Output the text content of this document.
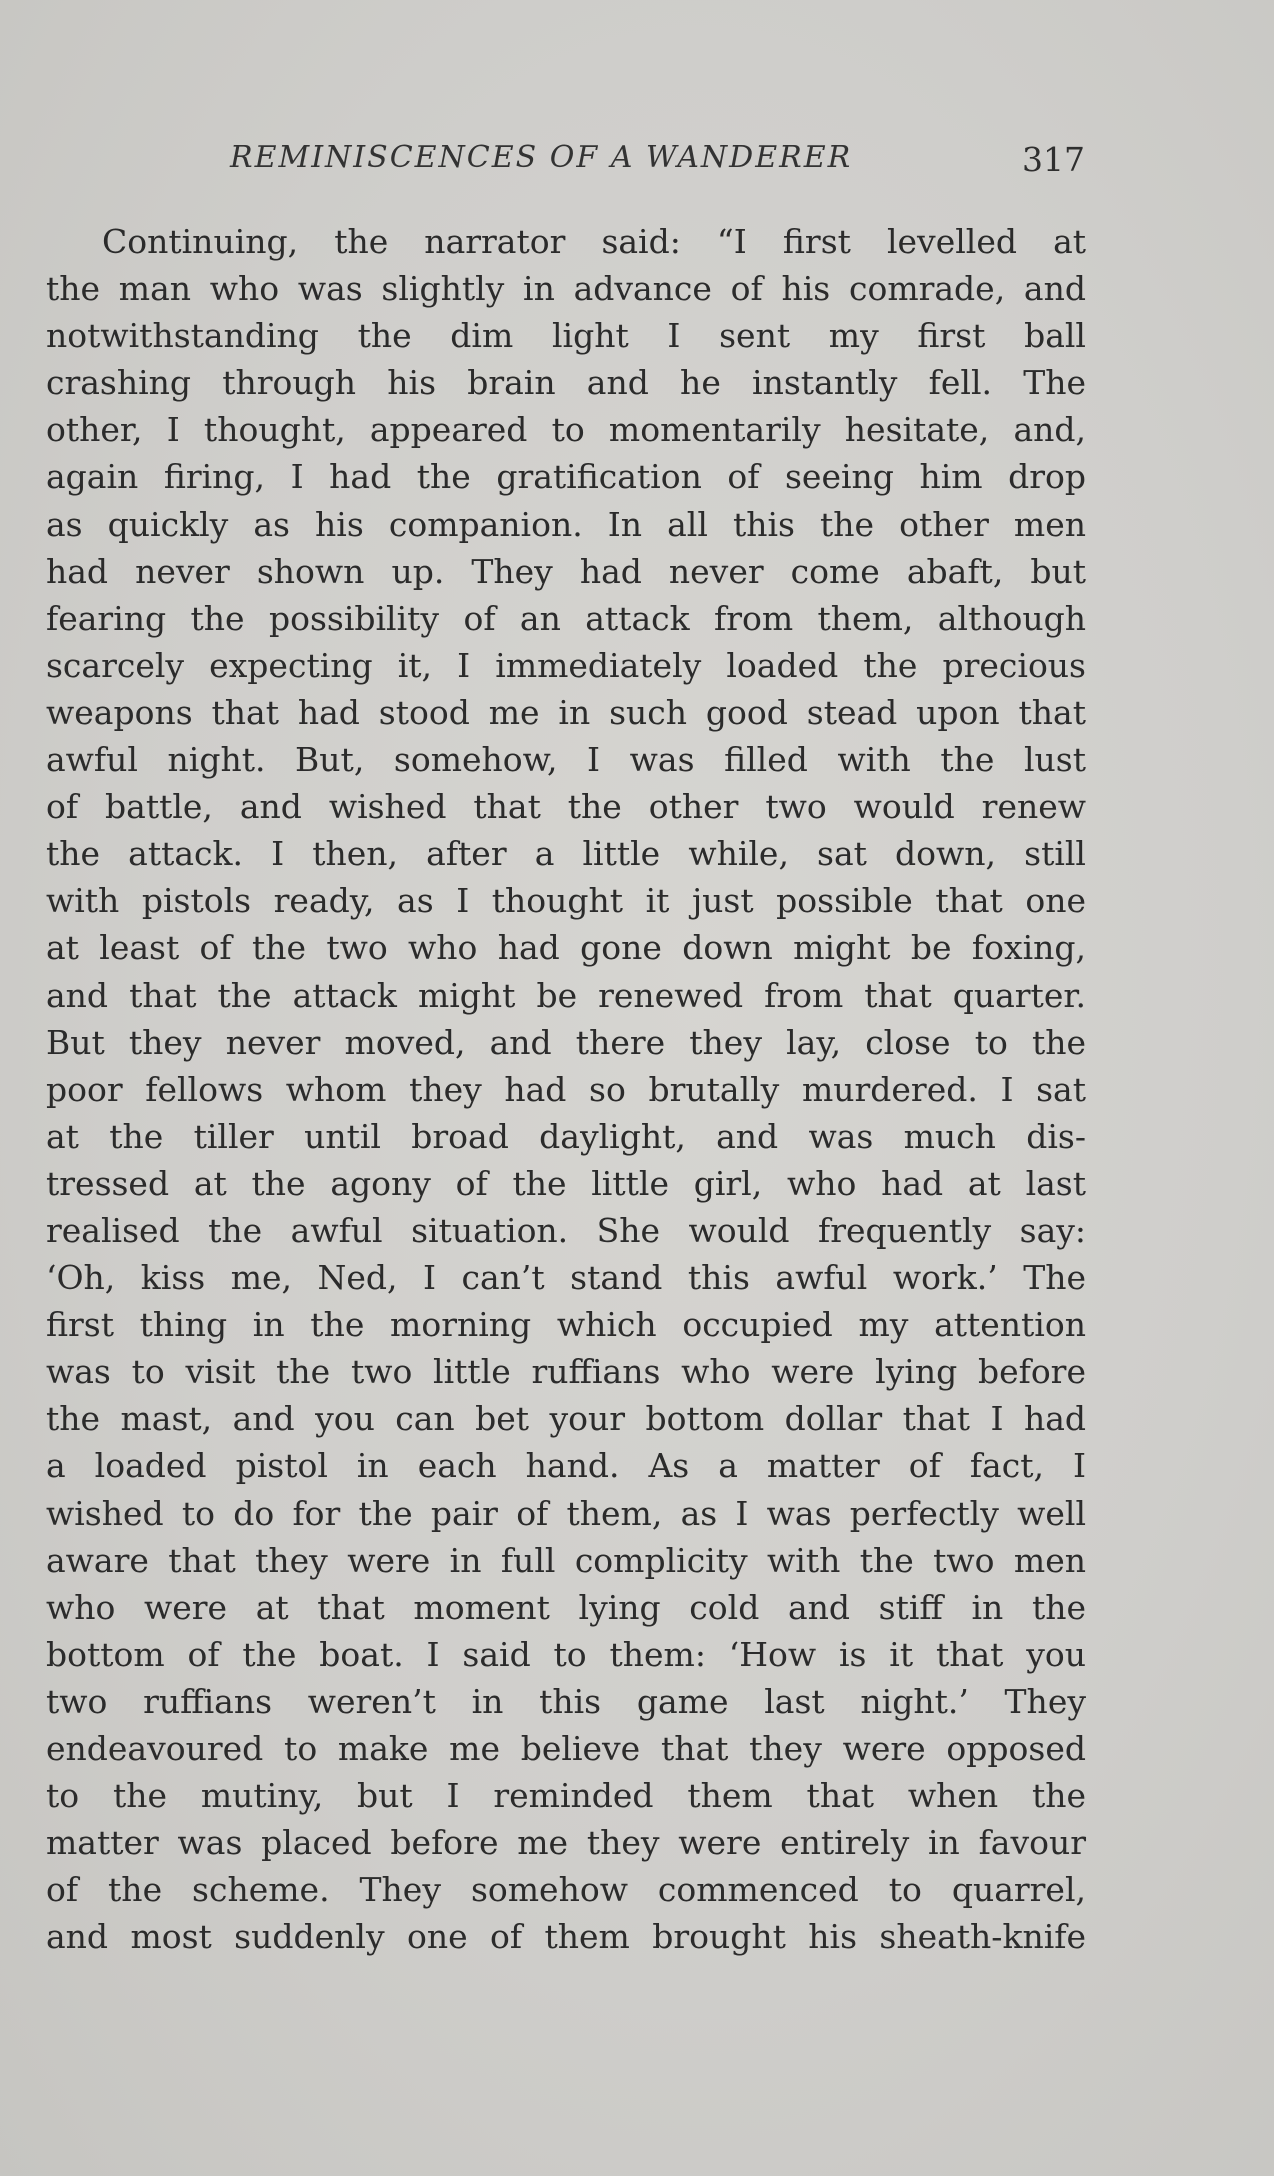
REMINISCENCES OF A WANDERER	317
Continuing, the narrator said: “I first levelled at
the man who was slightly in advance of his comrade, and
notwithstanding the dim light I sent my first ball
crashing through his brain and he instantly fell. The
other, I thought, appeared to momentarily hesitate, and,
again firing, I had the gratification of seeing him drop
as quickly as his companion. In all this the other men
had never shown up. They had never come abaft, but
fearing the possibility of an attack from them, although
scarcely expecting it, I immediately loaded the precious
weapons that had stood me in such good stead upon that
awful night. But, somehow, I was filled with the lust
of battle, and wished that the other two would renew
the attack. I then, after a little while, sat down, still
with pistols ready, as I thought it just possible that one
at least of the two who had gone down might be foxing,
and that the attack might be renewed from that quarter.
But they never moved, and there they lay, close to the
poor fellows whom they had so brutally murdered. I sat
at the tiller until broad daylight, and was much dis-
tressed at the agony of the little girl, who had at last
realised the awful situation. She would frequently say:
‘Oh, kiss me, Ned, I can’t stand this awful work.’ The
first thing in the morning which occupied my attention
was to visit the two little ruffians who were lying before
the mast, and you can bet your bottom dollar that I had
a loaded pistol in each hand. As a matter of fact, I
wished to do for the pair of them, as I was perfectly well
aware that they were in full complicity with the two men
who were at that moment lying cold and stiff in the
bottom of the boat. I said to them: ‘How is it that you
two ruffians weren’t in this game last night.’ They
endeavoured to make me believe that they were opposed
to the mutiny, but I reminded them that when the
matter was placed before me they were entirely in favour
of the scheme. They somehow commenced to quarrel,
and most suddenly one of them brought his sheath-knife
